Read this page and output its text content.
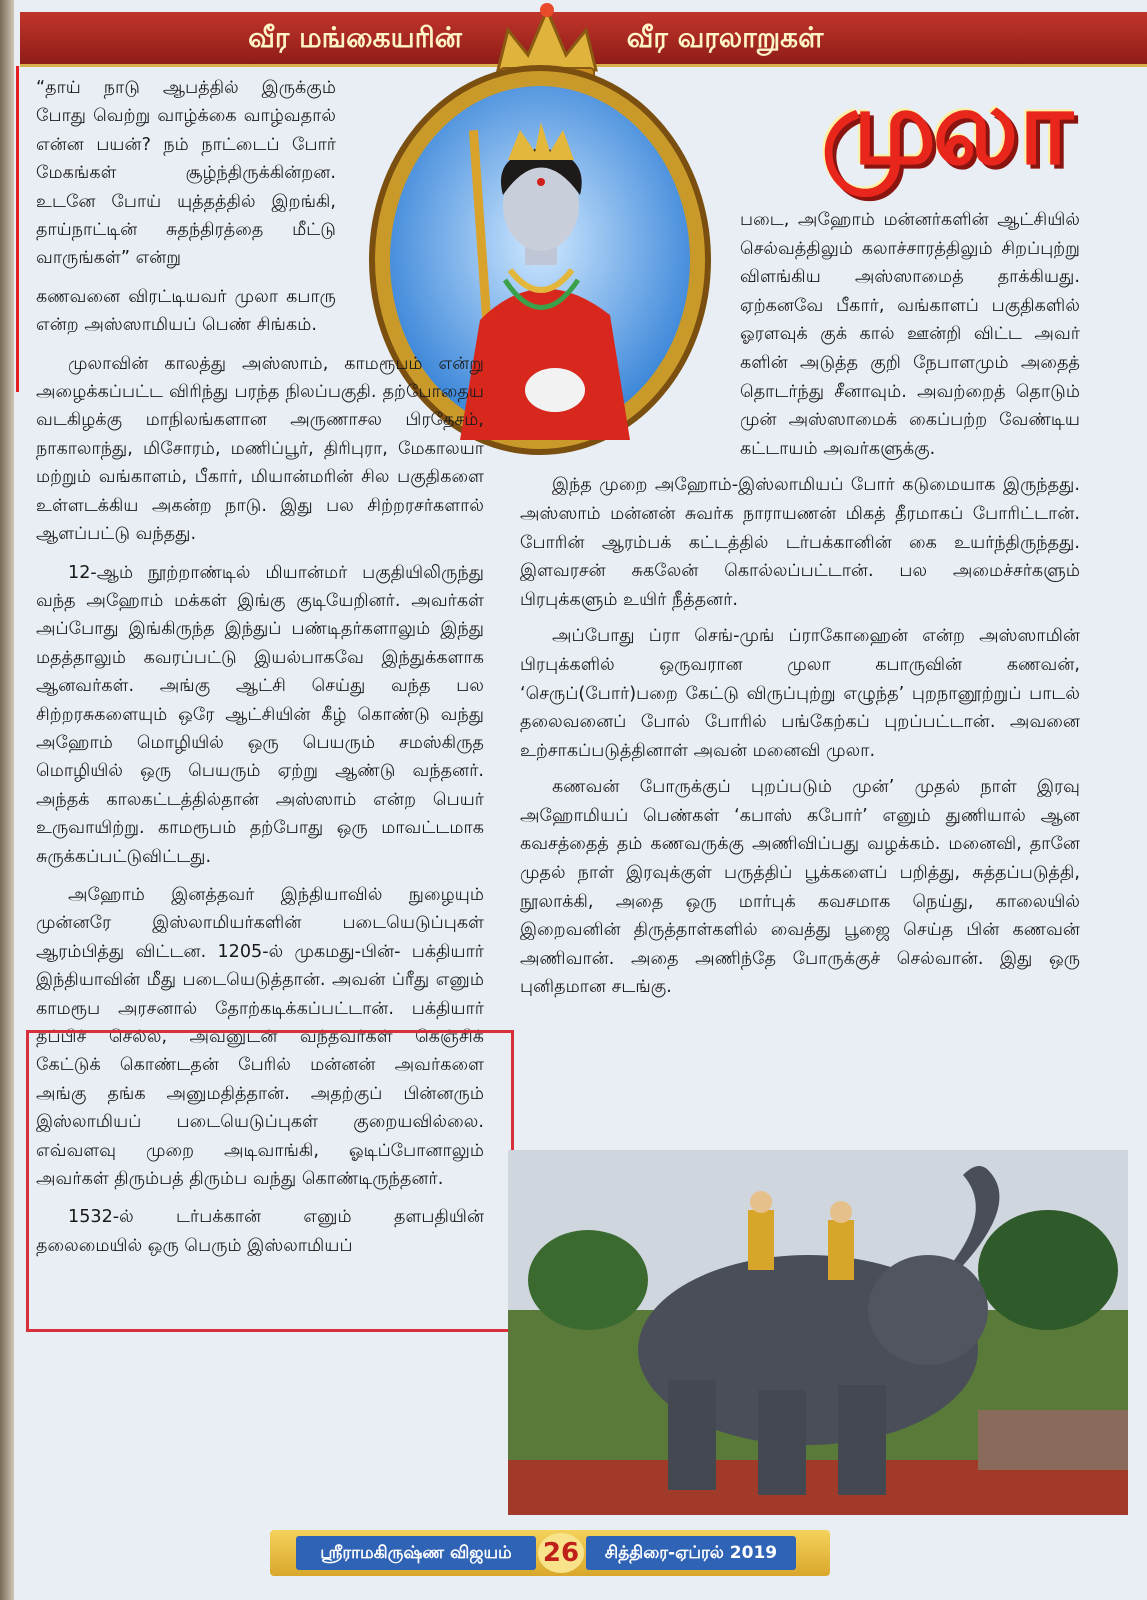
வீர மங்கையரின்	வீர வரலாறுகள்
முலா

“தாய் நாடு ஆபத்தில் இருக்கும் போது வெற்று வாழ்க்கை வாழ்வதால் என்ன பயன்? நம் நாட்டைப் போர் மேகங்கள் சூழ்ந்திருக்கின்றன. உடனே போய் யுத்தத்தில் இறங்கி, தாய்நாட்டின் சுதந்திரத்தை மீட்டு வாருங்கள்” என்று

கணவனை விரட்டியவர் முலா கபாரு என்ற அஸ்ஸாமியப் பெண் சிங்கம்.

முலாவின் காலத்து அஸ்ஸாம், காமரூபம் என்று அழைக்கப்பட்ட விரிந்து பரந்த நிலப்பகுதி. தற்போதைய வடகிழக்கு மாநிலங்களான அருணாசல பிரதேசம், நாகாலாந்து, மிசோரம், மணிப்பூர், திரிபுரா, மேகாலயா மற்றும் வங்காளம், பீகார், மியான்மரின் சில பகுதிகளை உள்ளடக்கிய அகன்ற நாடு. இது பல சிற்றரசர்களால் ஆளப்பட்டு வந்தது.

12-ஆம் நூற்றாண்டில் மியான்மர் பகுதியிலிருந்து வந்த அஹோம் மக்கள் இங்கு குடியேறினர். அவர்கள் அப்போது இங்கிருந்த இந்துப் பண்டிதர்களாலும் இந்து மதத்தாலும் கவரப்பட்டு இயல்பாகவே இந்துக்களாக ஆனவர்கள். அங்கு ஆட்சி செய்து வந்த பல சிற்றரசுகளையும் ஒரே ஆட்சியின் கீழ் கொண்டு வந்து அஹோம் மொழியில் ஒரு பெயரும் சமஸ்கிருத மொழியில் ஒரு பெயரும் ஏற்று ஆண்டு வந்தனர். அந்தக் காலகட்டத்தில்தான் அஸ்ஸாம் என்ற பெயர் உருவாயிற்று. காமரூபம் தற்போது ஒரு மாவட்டமாக சுருக்கப்பட்டுவிட்டது.

அஹோம் இனத்தவர் இந்தியாவில் நுழையும் முன்னரே இஸ்லாமியர்களின் படையெடுப்புகள் ஆரம்பித்து விட்டன. 1205-ல் முகமது-பின்- பக்தியார் இந்தியாவின் மீது படையெடுத்தான். அவன் ப்ரீது எனும் காமரூப அரசனால் தோற்கடிக்கப்பட்டான். பக்தியார் தப்பிச் செல்ல, அவனுடன் வந்தவர்கள் கெஞ்சிக் கேட்டுக் கொண்டதன் பேரில் மன்னன் அவர்களை அங்கு தங்க அனுமதித்தான். அதற்குப் பின்னரும் இஸ்லாமியப் படையெடுப்புகள் குறையவில்லை. எவ்வளவு முறை அடிவாங்கி, ஓடிப்போனாலும் அவர்கள் திரும்பத் திரும்ப வந்து கொண்டிருந்தனர்.

1532-ல் டர்பக்கான் எனும் தளபதியின் தலைமையில் ஒரு பெரும் இஸ்லாமியப்

படை, அஹோம் மன்னர்களின் ஆட்சியில் செல்வத்திலும் கலாச்சாரத்திலும் சிறப்புற்று விளங்கிய அஸ்ஸாமைத் தாக்கியது. ஏற்கனவே பீகார், வங்காளப் பகுதிகளில் ஓரளவுக் குக் கால் ஊன்றி விட்ட அவர் களின் அடுத்த குறி நேபாளமும் அதைத் தொடர்ந்து சீனாவும். அவற்றைத் தொடும் முன் அஸ்ஸாமைக் கைப்பற்ற வேண்டிய கட்டாயம் அவர்களுக்கு.

இந்த முறை அஹோம்-இஸ்லாமியப் போர் கடுமையாக இருந்தது. அஸ்ஸாம் மன்னன் சுவர்க நாராயணன் மிகத் தீரமாகப் போரிட்டான். போரின் ஆரம்பக் கட்டத்தில் டர்பக்கானின் கை உயர்ந்திருந்தது. இளவரசன் சுகலேன் கொல்லப்பட்டான். பல அமைச்சர்களும் பிரபுக்களும் உயிர் நீத்தனர்.

அப்போது ப்ரா செங்-முங் ப்ராகோஹைன் என்ற அஸ்ஸாமின் பிரபுக்களில் ஒருவரான முலா கபாருவின் கணவன், ‘செருப்(போர்)பறை கேட்டு விருப்புற்று எழுந்த’ புறநானூற்றுப் பாடல் தலைவனைப் போல் போரில் பங்கேற்கப் புறப்பட்டான். அவனை உற்சாகப்படுத்தினாள் அவன் மனைவி முலா.

கணவன் போருக்குப் புறப்படும் முன்’ முதல் நாள் இரவு அஹோமியப் பெண்கள் ‘கபாஸ் கபோர்’ எனும் துணியால் ஆன கவசத்தைத் தம் கணவருக்கு அணிவிப்பது வழக்கம். மனைவி, தானே முதல் நாள் இரவுக்குள் பருத்திப் பூக்களைப் பறித்து, சுத்தப்படுத்தி, நூலாக்கி, அதை ஒரு மார்புக் கவசமாக நெய்து, காலையில் இறைவனின் திருத்தாள்களில் வைத்து பூஜை செய்த பின் கணவன் அணிவான். அதை அணிந்தே போருக்குச் செல்வான். இது ஒரு புனிதமான சடங்கு.

ஸ்ரீராமகிருஷ்ண விஜயம்	26	சித்திரை-ஏப்ரல் 2019
